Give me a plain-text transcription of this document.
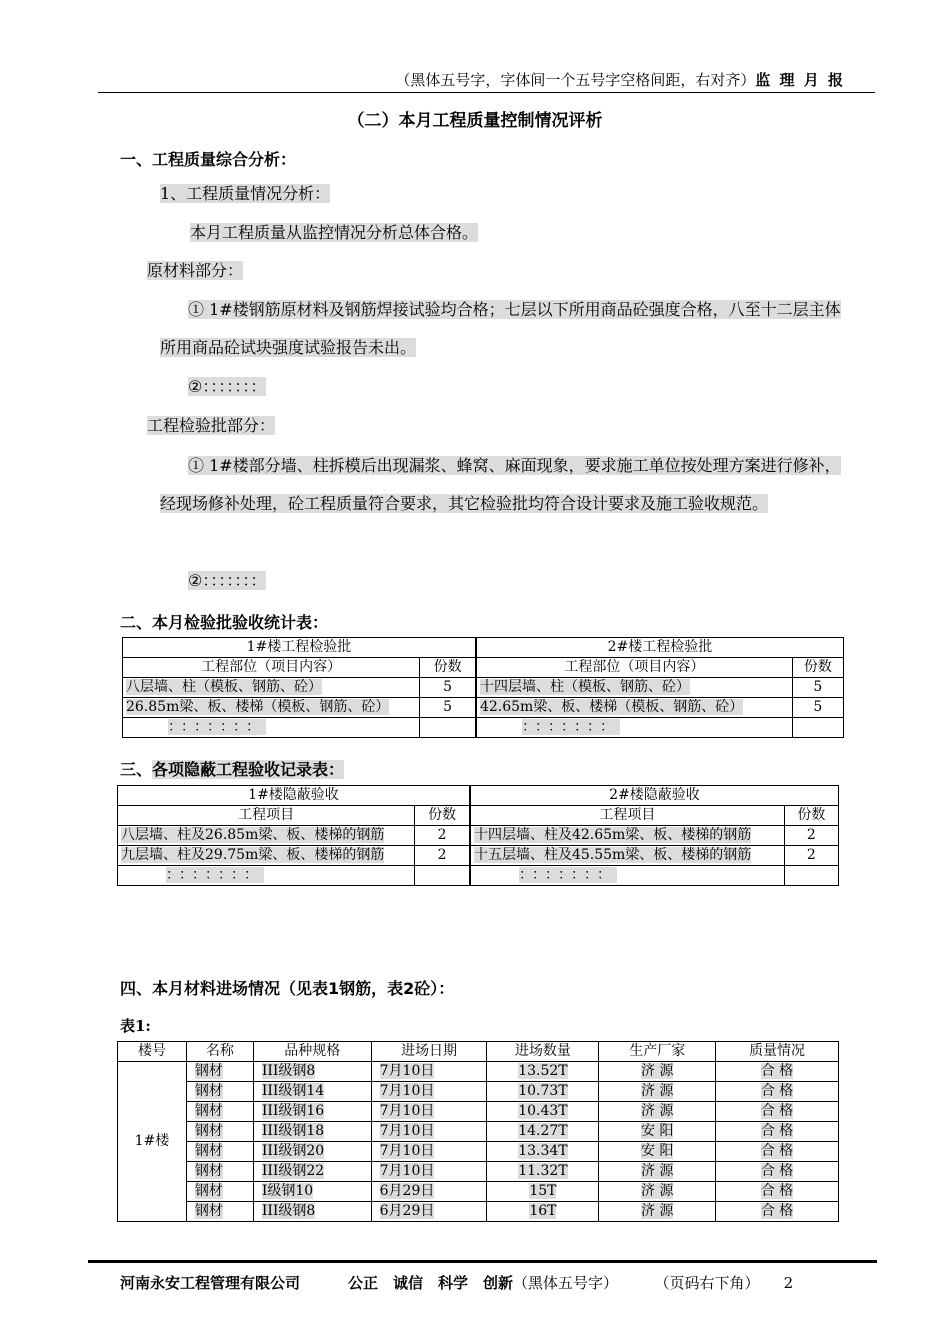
（黑体五号字，字体间一个五号字空格间距，右对齐）监 理 月 报
（二）本月工程质量控制情况评析
一、工程质量综合分析：
1、工程质量情况分析：
本月工程质量从监控情况分析总体合格。
原材料部分：
① 1#楼钢筋原材料及钢筋焊接试验均合格；七层以下所用商品砼强度合格，八至十二层主体所用商品砼试块强度试验报告未出。
②：：：：：：：
工程检验批部分：
① 1#楼部分墙、柱拆模后出现漏浆、蜂窝、麻面现象，要求施工单位按处理方案进行修补，经现场修补处理，砼工程质量符合要求，其它检验批均符合设计要求及施工验收规范。
②：：：：：：：
二、本月检验批验收统计表：
1#楼工程检验批		2#楼工程检验批	
工程部位（项目内容）	份数	工程部位（项目内容）	份数
八层墙、柱（模板、钢筋、砼）	5	十四层墙、柱（模板、钢筋、砼）	5
26.85m梁、板、楼梯（模板、钢筋、砼）	5	42.65m梁、板、楼梯（模板、钢筋、砼）	5
：：：：：：：		：：：：：：：	
三、各项隐蔽工程验收记录表：
1#楼隐蔽验收		2#楼隐蔽验收	
工程项目	份数	工程项目	份数
八层墙、柱及26.85m梁、板、楼梯的钢筋	2	十四层墙、柱及42.65m梁、板、楼梯的钢筋	2
九层墙、柱及29.75m梁、板、楼梯的钢筋	2	十五层墙、柱及45.55m梁、板、楼梯的钢筋	2
：：：：：：：		：：：：：：：	
四、本月材料进场情况（见表1钢筋，表2砼）：
表1:
楼号	名称	品种规格	进场日期	进场数量	生产厂家	质量情况
1#楼	钢材	III级钢8	7月10日	13.52T	济 源	合 格
	钢材	III级钢14	7月10日	10.73T	济 源	合 格
	钢材	III级钢16	7月10日	10.43T	济 源	合 格
	钢材	III级钢18	7月10日	14.27T	安 阳	合 格
	钢材	III级钢20	7月10日	13.34T	安 阳	合 格
	钢材	III级钢22	7月10日	11.32T	济 源	合 格
	钢材	Ⅰ级钢10	6月29日	15T	济 源	合 格
	钢材	III级钢8	6月29日	16T	济 源	合 格
河南永安工程管理有限公司	公正　诚信　科学　创新（黑体五号字）	（页码右下角） 2
